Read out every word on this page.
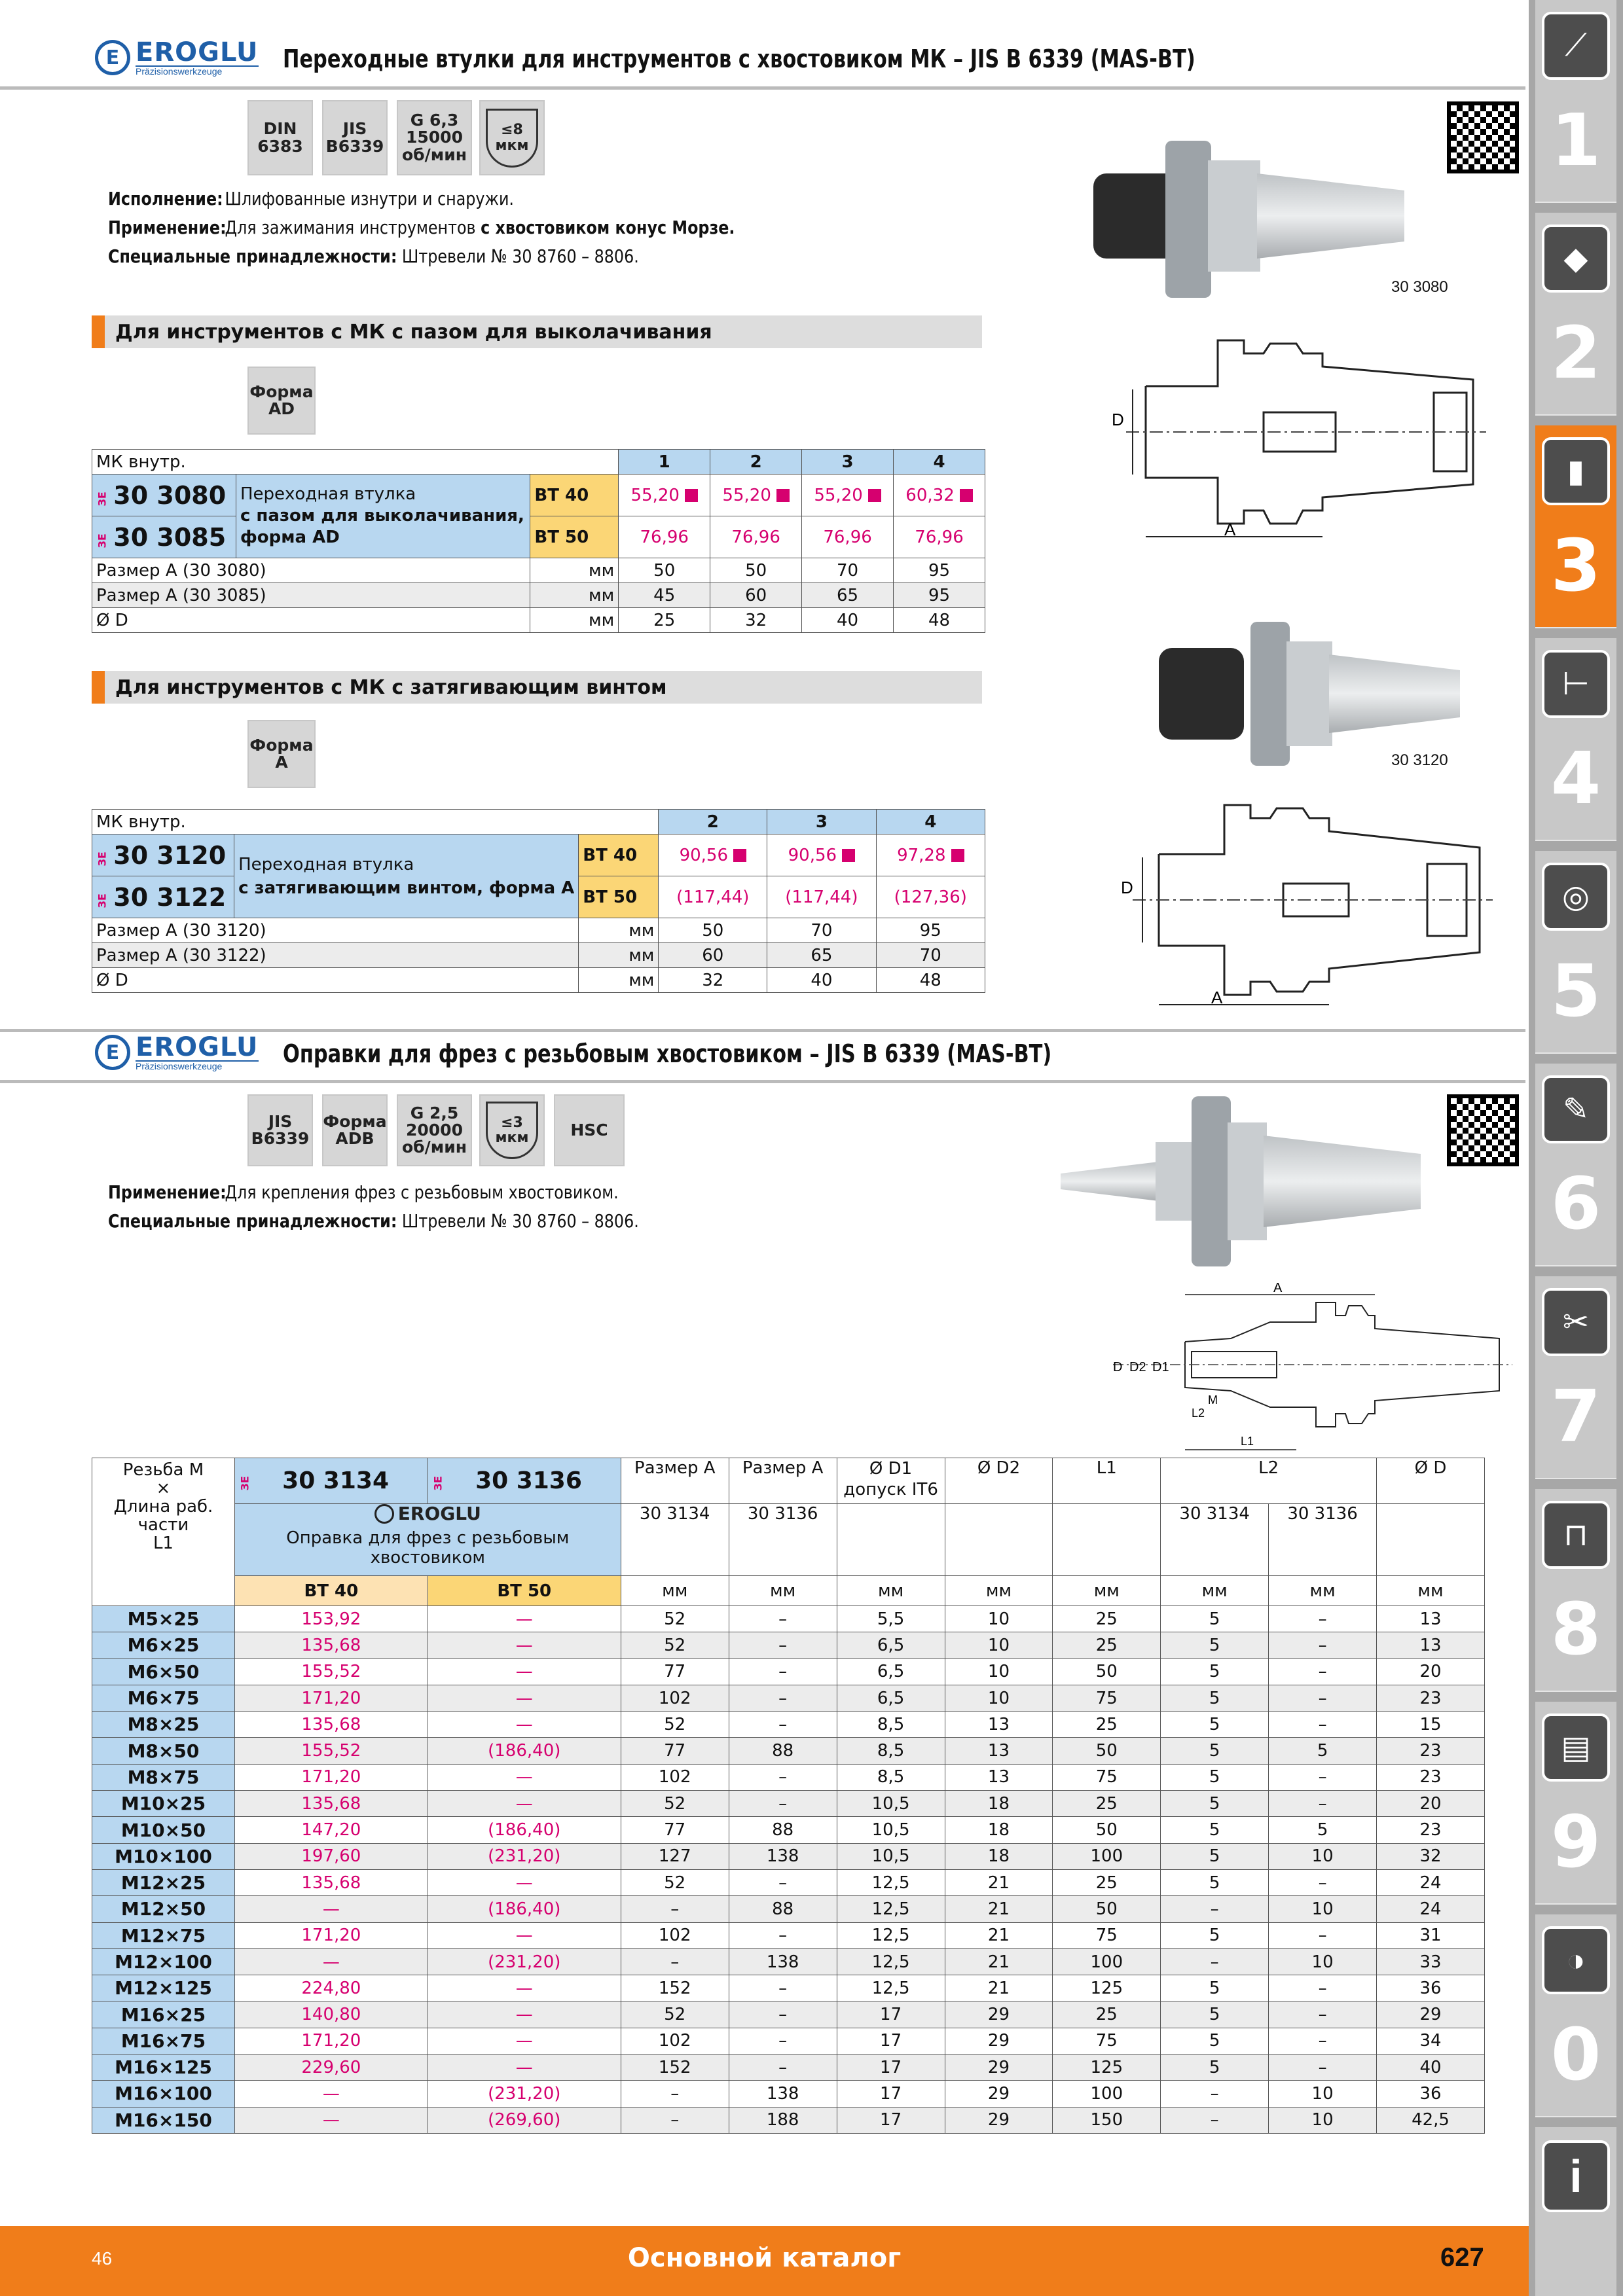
E EROGLU
Präzisionswerkzeuge	Переходные втулки для инструментов с хвостовиком МК – JIS B 6339 (MAS-BT)
DIN
6383
JIS
B6339
G 6,3
15000
об/мин
≤8
мкм
Исполнение: Шлифованные изнутри и снаружи.
Применение:
Для зажимания инструментов с хвостовиком конус Морзе.
Специальные принадлежности: Штревели № 30 8760 – 8806.
30 3080
D
A
Для инструментов с МК с пазом для выколачивания
Форма
AD
МК внутр.			1	2	3	4
ЗЕ 30 3080	Переходная втулка
с пазом для выколачивания,
форма AD	BT 40	55,20	55,20	55,20	60,32
ЗЕ 30 3085		BT 50	76,96	76,96	76,96	76,96
Размер A (30 3080)		мм	50	50	70	95
Размер A (30 3085)		мм	45	60	65	95
Ø D		мм	25	32	40	48
30 3120
D
A
Для инструментов с МК с затягивающим винтом
Форма
A
МК внутр.			2	3	4
ЗЕ 30 3120	Переходная втулка
с затягивающим винтом, форма A	BT 40	90,56	90,56	97,28
ЗЕ 30 3122		BT 50	(117,44)	(117,44)	(127,36)
Размер A (30 3120)		мм	50	70	95
Размер A (30 3122)		мм	60	65	70
Ø D		мм	32	40	48
E EROGLU
Präzisionswerkzeuge	Оправки для фрез с резьбовым хвостовиком – JIS B 6339 (MAS-BT)
JIS
B6339
Форма
ADB
G 2,5
20000
об/мин
≤3
мкм	HSC
Применение:
Для крепления фрез с резьбовым хвостовиком.
Специальные принадлежности: Штревели № 30 8760 – 8806.
A
D D2 D1
M
L2
L1
Резьба M
×
Длина раб. части
L1	ЗЕ 30 3134	ЗЕ 30 3136	Размер A	Размер A	Ø D1
допуск IT6	Ø D2	L1	L2		Ø D

	EROGLU
Оправка для фрез с резьбовым
хвостовиком		30 3134	30 3136				30 3134	30 3136	
	BT 40	BT 50	мм	мм	мм	мм	мм	мм	мм	мм
M5×25	153,92	—	52	–	5,5	10	25	5	–	13
M6×25	135,68	—	52	–	6,5	10	25	5	–	13
M6×50	155,52	—	77	–	6,5	10	50	5	–	20
M6×75	171,20	—	102	–	6,5	10	75	5	–	23
M8×25	135,68	—	52	–	8,5	13	25	5	–	15
M8×50	155,52	(186,40)	77	88	8,5	13	50	5	5	23
M8×75	171,20	—	102	–	8,5	13	75	5	–	23
M10×25	135,68	—	52	–	10,5	18	25	5	–	20
M10×50	147,20	(186,40)	77	88	10,5	18	50	5	5	23
M10×100	197,60	(231,20)	127	138	10,5	18	100	5	10	32
M12×25	135,68	—	52	–	12,5	21	25	5	–	24
M12×50	—	(186,40)	–	88	12,5	21	50	–	10	24
M12×75	171,20	—	102	–	12,5	21	75	5	–	31
M12×100	—	(231,20)	–	138	12,5	21	100	–	10	33
M12×125	224,80	—	152	–	12,5	21	125	5	–	36
M16×25	140,80	—	52	–	17	29	25	5	–	29
M16×75	171,20	—	102	–	17	29	75	5	–	34
M16×125	229,60	—	152	–	17	29	125	5	–	40
M16×100	—	(231,20)	–	138	17	29	100	–	10	36
M16×150	—	(269,60)	–	188	17	29	150	–	10	42,5
⟋
1
◆
2
▮
3
⊢
4
◎
5
✎
6
✂
7
⊓
8
▤
9
◑
0
i
46	Основной каталог	627
